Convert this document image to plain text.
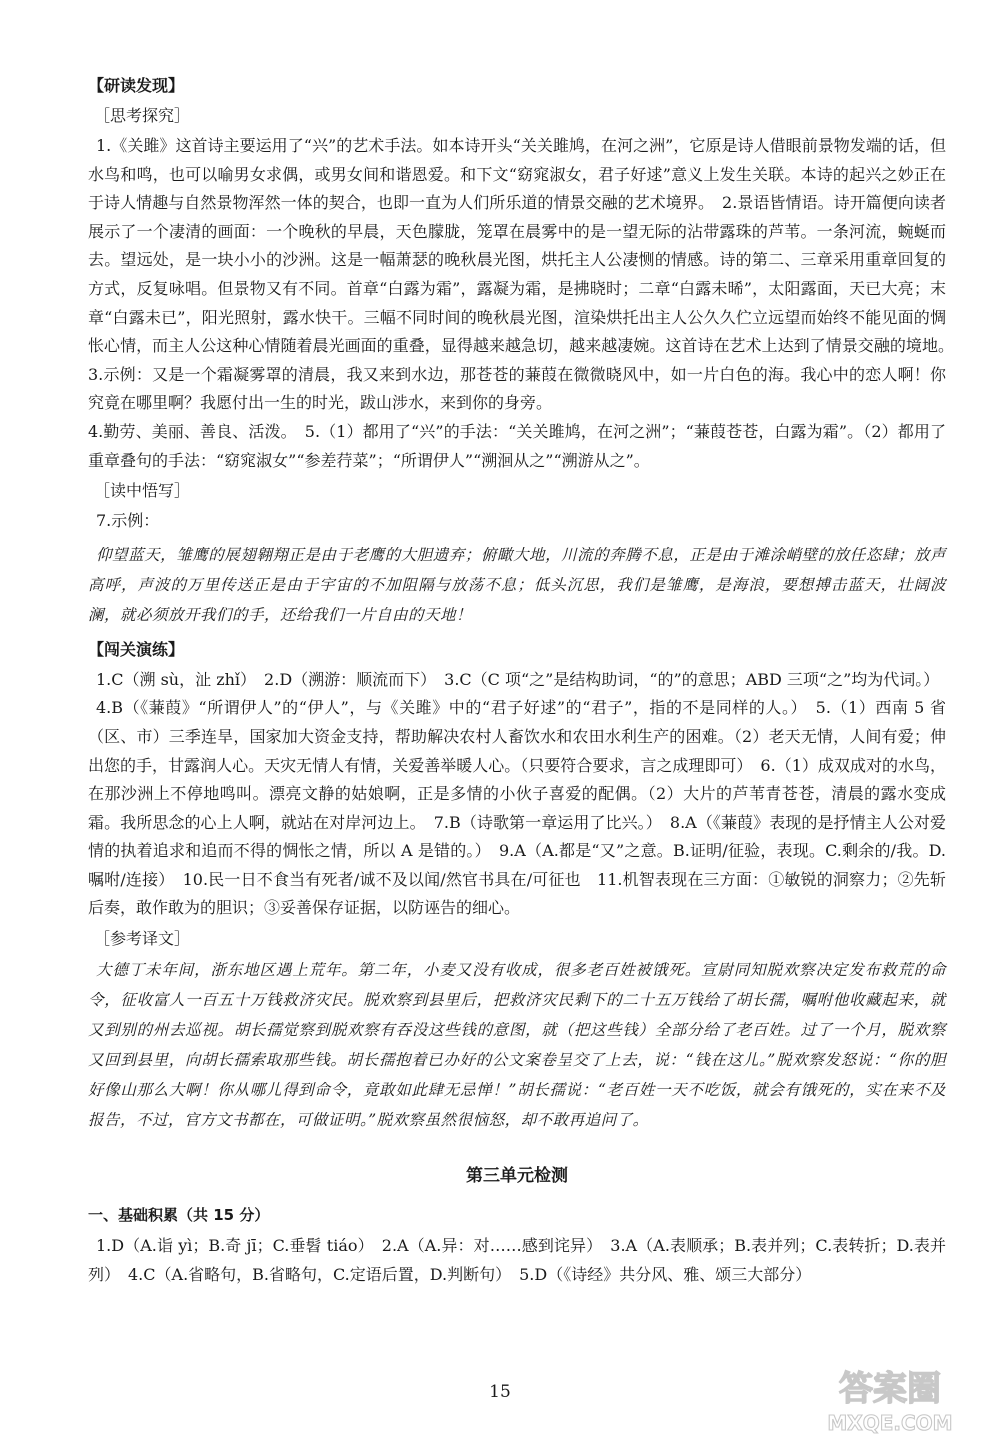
【研读发现】
［思考探究］

1.《关雎》这首诗主要运用了“兴”的艺术手法。如本诗开头“关关雎鸠，在河之洲”，它原是诗人借眼前景物发端的话，但水鸟和鸣，也可以喻男女求偶，或男女间和谐恩爱。和下文“窈窕淑女，君子好逑”意义上发生关联。本诗的起兴之妙正在于诗人情趣与自然景物浑然一体的契合，也即一直为人们所乐道的情景交融的艺术境界。　2.景语皆情语。诗开篇便向读者展示了一个凄清的画面：一个晚秋的早晨，天色朦胧，笼罩在晨雾中的是一望无际的沾带露珠的芦苇。一条河流，蜿蜒而去。望远处，是一块小小的沙洲。这是一幅萧瑟的晚秋晨光图，烘托主人公凄恻的情感。诗的第二、三章采用重章回复的方式，反复咏唱。但景物又有不同。首章“白露为霜”，露凝为霜，是拂晓时；二章“白露未晞”，太阳露面，天已大亮；末章“白露未已”，阳光照射，露水快干。三幅不同时间的晚秋晨光图，渲染烘托出主人公久久伫立远望而始终不能见面的惆怅心情，而主人公这种心情随着晨光画面的重叠，显得越来越急切，越来越凄婉。这首诗在艺术上达到了情景交融的境地。　3.示例：又是一个霜凝雾罩的清晨，我又来到水边，那苍苍的蒹葭在微微晓风中，如一片白色的海。我心中的恋人啊！你究竟在哪里啊？我愿付出一生的时光，跋山涉水，来到你的身旁。

4.勤劳、美丽、善良、活泼。　5.（1）都用了“兴”的手法：“关关雎鸠，在河之洲”；“蒹葭苍苍，白露为霜”。（2）都用了重章叠句的手法：“窈窕淑女”“参差荇菜”；“所谓伊人”“溯洄从之”“溯游从之”。

［读中悟写］

7.示例：

仰望蓝天，雏鹰的展翅翱翔正是由于老鹰的大胆遗弃；俯瞰大地，川流的奔腾不息，正是由于滩涂峭壁的放任恣肆；放声高呼，声波的万里传送正是由于宇宙的不加阻隔与放荡不息；低头沉思，我们是雏鹰，是海浪，要想搏击蓝天，壮阔波澜，就必须放开我们的手，还给我们一片自由的天地！

【闯关演练】

1.C（溯 sù，沚 zhǐ）　2.D（溯游：顺流而下）　3.C（C 项“之”是结构助词，“的”的意思；ABD 三项“之”均为代词。）

4.B（《蒹葭》“所谓伊人”的“伊人”，与《关雎》中的“君子好逑”的“君子”，指的不是同样的人。）　5.（1）西南 5 省（区、市）三季连旱，国家加大资金支持，帮助解决农村人畜饮水和农田水利生产的困难。（2）老天无情，人间有爱；伸出您的手，甘露润人心。天灾无情人有情，关爱善举暖人心。（只要符合要求，言之成理即可）　6.（1）成双成对的水鸟，在那沙洲上不停地鸣叫。漂亮文静的姑娘啊，正是多情的小伙子喜爱的配偶。（2）大片的芦苇青苍苍，清晨的露水变成霜。我所思念的心上人啊，就站在对岸河边上。　7.B（诗歌第一章运用了比兴。）　8.A（《蒹葭》表现的是抒情主人公对爱情的执着追求和追而不得的惆怅之情，所以 A 是错的。）　9.A（A.都是“又”之意。B.证明/征验，表现。C.剩余的/我。D.嘱咐/连接）　10.民一日不食当有死者/诚不及以闻/然官书具在/可征也　11.机智表现在三方面：①敏锐的洞察力；②先斩后奏，敢作敢为的胆识；③妥善保存证据，以防诬告的细心。

［参考译文］

大德丁未年间，浙东地区遇上荒年。第二年，小麦又没有收成，很多老百姓被饿死。宣尉同知脱欢察决定发布救荒的命令，征收富人一百五十万钱救济灾民。脱欢察到县里后，把救济灾民剩下的二十五万钱给了胡长孺，嘱咐他收藏起来，就又到别的州去巡视。胡长孺觉察到脱欢察有吞没这些钱的意图，就（把这些钱）全部分给了老百姓。过了一个月，脱欢察又回到县里，向胡长孺索取那些钱。胡长孺抱着已办好的公文案卷呈交了上去，说：“钱在这儿。”脱欢察发怒说：“你的胆好像山那么大啊！你从哪儿得到命令，竟敢如此肆无忌惮！”胡长孺说：“老百姓一天不吃饭，就会有饿死的，实在来不及报告，不过，官方文书都在，可做证明。”脱欢察虽然很恼怒，却不敢再追问了。

第三单元检测
一、基础积累（共 15 分）

1.D（A.诣 yì；B.奇 jī；C.垂髫 tiáo）　2.A（A.异：对……感到诧异）　3.A（A.表顺承；B.表并列；C.表转折；D.表并列）　4.C（A.省略句，B.省略句，C.定语后置，D.判断句）　5.D（《诗经》共分风、雅、颂三大部分）

15	答案圈
MXQE.COM
